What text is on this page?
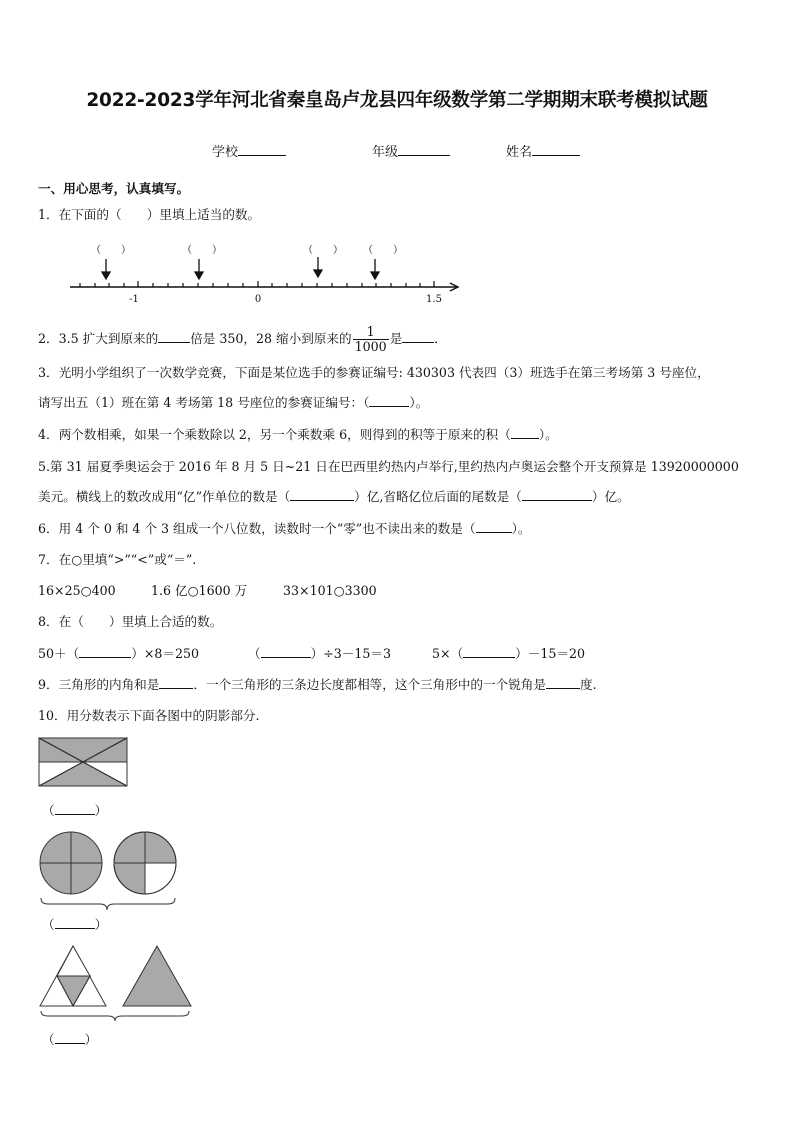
2022-2023学年河北省秦皇岛卢龙县四年级数学第二学期期末联考模拟试题
学校	年级	姓名
一、用心思考，认真填写。
1．在下面的（　　）里填上适当的数。
（　　）	（　　）	（　　） （　　）
-1	0	1.5
2．3.5 扩大到原来的	倍是 350，28 缩小到原来的 $\frac{1}{1000}$ 是	．
3．光明小学组织了一次数学竞赛，下面是某位选手的参赛证编号: 430303 代表四（3）班选手在第三考场第 3 号座位，
请写出五（1）班在第 4 考场第 18 号座位的参赛证编号：（	）。
4．两个数相乘，如果一个乘数除以 2，另一个乘数乘 6，则得到的积等于原来的积（ ）。
5.第 31 届夏季奥运会于 2016 年 8 月 5 日~21 日在巴西里约热内卢举行,里约热内卢奥运会整个开支预算是 13920000000
美元。横线上的数改成用“亿”作单位的数是（	）亿,省略亿位后面的尾数是（	）亿。
6．用 4 个 0 和 4 个 3 组成一个八位数，读数时一个“零”也不读出来的数是（	）。
7．在○里填“>”“<”或“＝”.
16×25○400	1.6 亿○1600 万	33×101○3300
8．在（　　）里填上合适的数。
50＋（	）×8＝250	（	）÷3－15＝3	5×（	）－15＝20
9．三角形的内角和是	．一个三角形的三条边长度都相等，这个三角形中的一个锐角是	度.
10．用分数表示下面各图中的阴影部分.
（	）
（	）
（ ）
